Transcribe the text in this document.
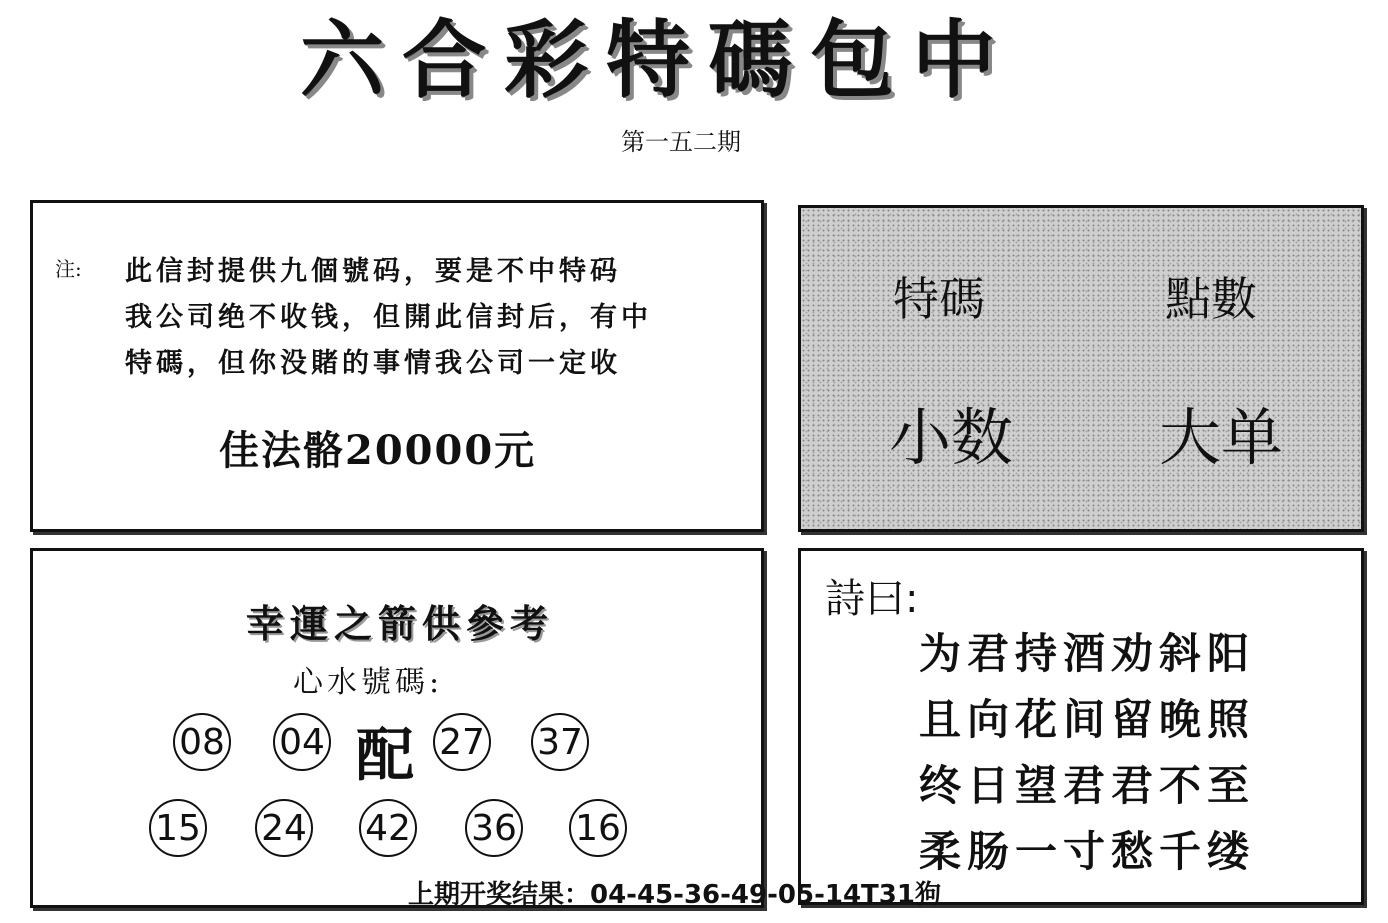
六合彩特碼包中
第一五二期
注: 此信封提供九個號码，要是不中特码
我公司绝不收钱，但開此信封后，有中
特碼，但你没賭的事情我公司一定收
佳法骼20000元
特碼	點數
小数 大单
幸運之箭供參考
心水號碼:
08 04 配 27 37
15 24 42 36 16
詩曰:
为君持酒劝斜阳
且向花间留晚照
终日望君君不至
柔肠一寸愁千缕
上期开奖结果：04-45-36-49-05-14T31狗
